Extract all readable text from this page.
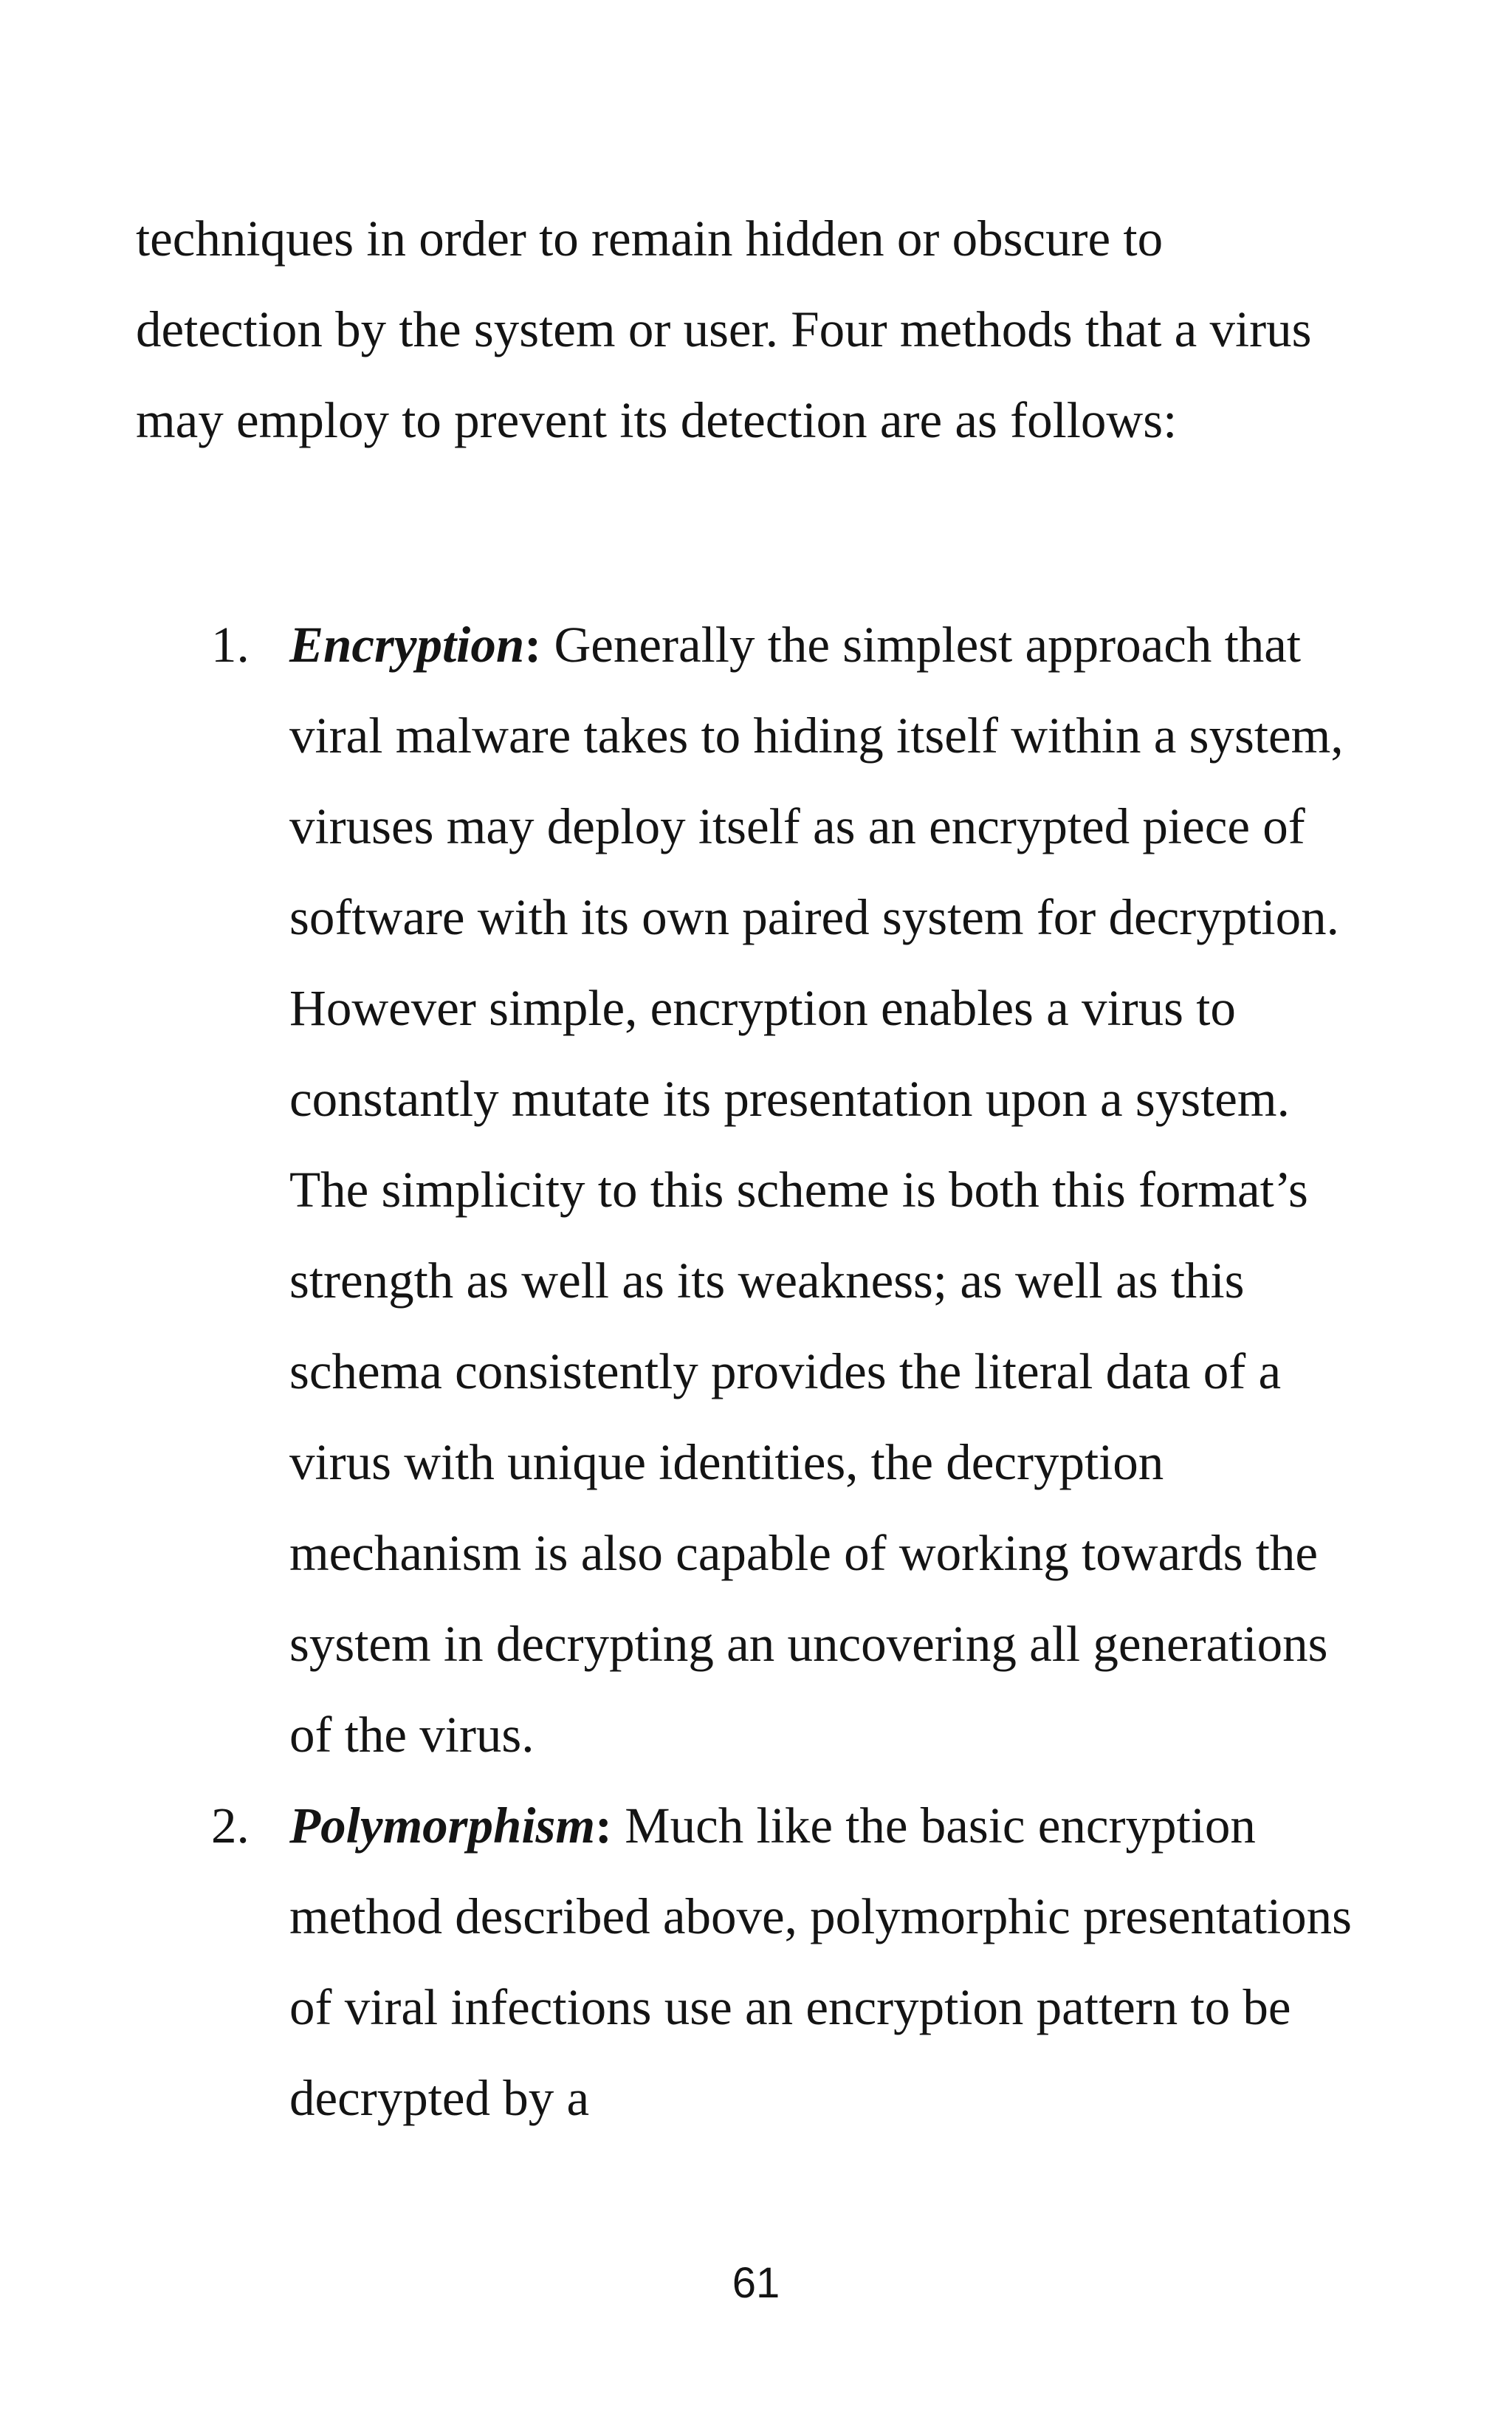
techniques in order to remain hidden or obscure to detection by the system or user. Four methods that a virus may employ to prevent its detection are as follows:

1. Encryption: Generally the simplest approach that viral malware takes to hiding itself within a system, viruses may deploy itself as an encrypted piece of software with its own paired system for decryption. However simple, encryption enables a virus to constantly mutate its presentation upon a system. The simplicity to this scheme is both this format’s strength as well as its weakness; as well as this schema consistently provides the literal data of a virus with unique identities, the decryption mechanism is also capable of working towards the system in decrypting an uncovering all generations of the virus.
2. Polymorphism: Much like the basic encryption method described above, polymorphic presentations of viral infections use an encryption pattern to be decrypted by a
61
